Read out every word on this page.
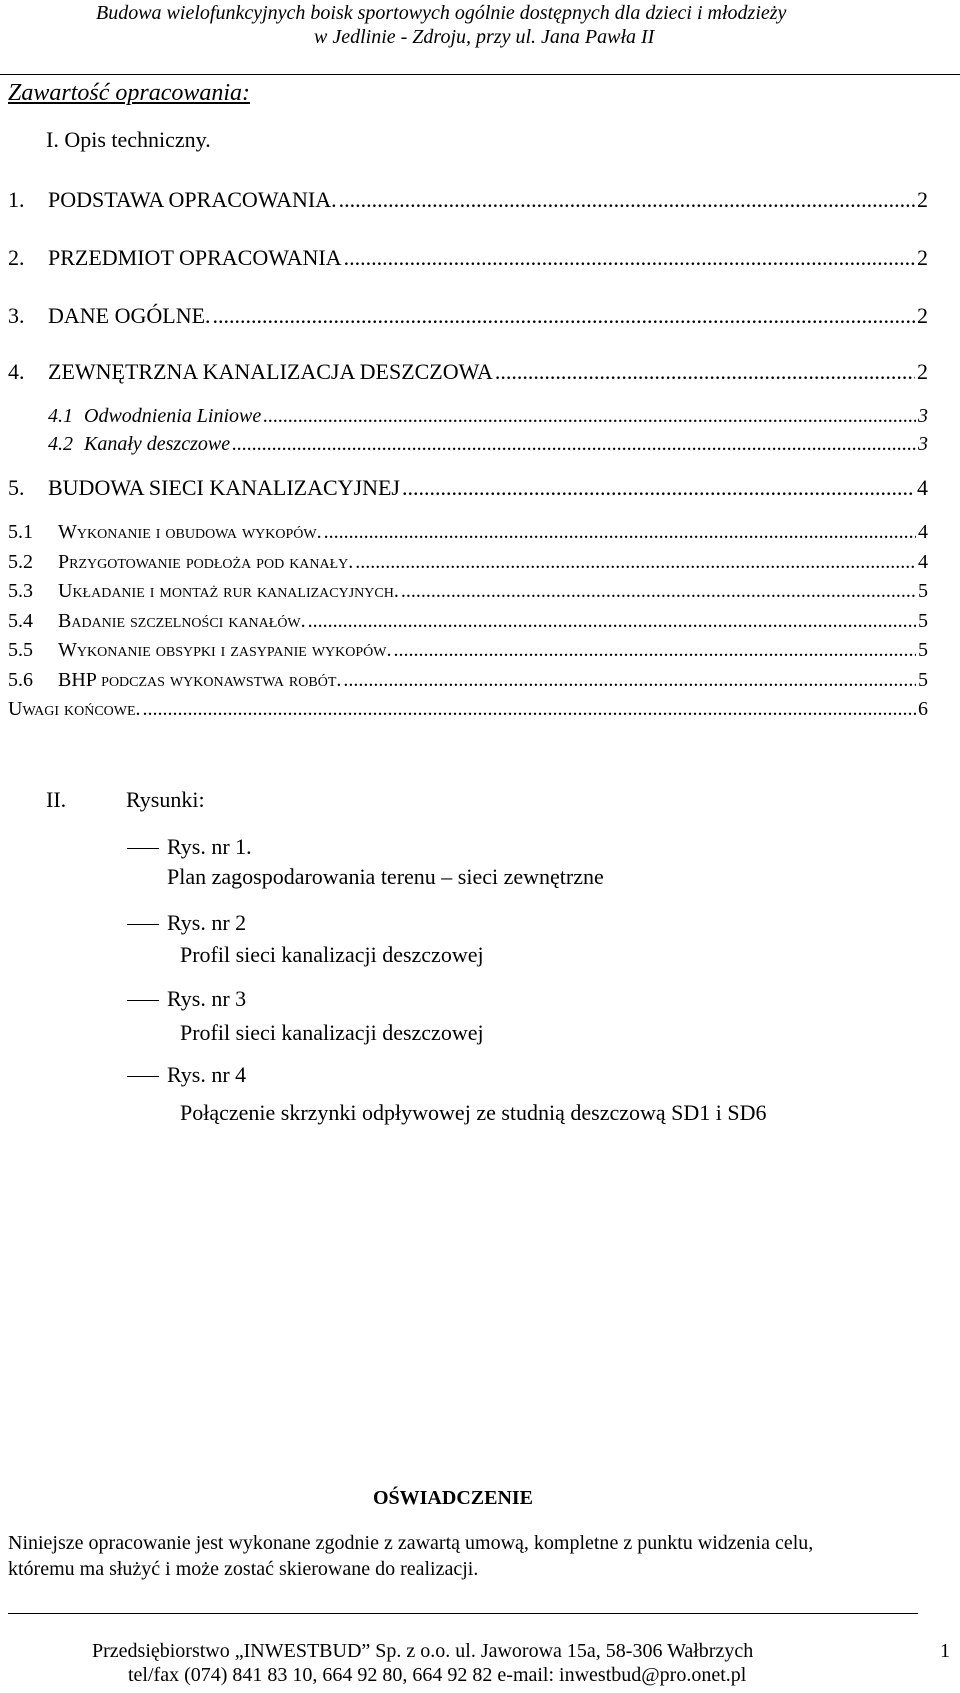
Budowa wielofunkcyjnych boisk sportowych ogólnie dostępnych dla dzieci i młodzieży
w Jedlinie - Zdroju, przy ul. Jana Pawła II
Zawartość opracowania:
I. Opis techniczny.
1.	PODSTAWA OPRACOWANIA. .....	2
2.	PRZEDMIOT OPRACOWANIA .....	2
3.	DANE OGÓLNE. .....	2
4.	ZEWNĘTRZNA KANALIZACJA DESZCZOWA .....	2
4.1 Odwodnienia Liniowe .....	3
4.2 Kanały deszczowe .....	3
5.	BUDOWA SIECI KANALIZACYJNEJ .....	4
5.1	Wykonanie i obudowa wykopów. .....	4
5.2	Przygotowanie podłoża pod kanały. .....	4
5.3	Układanie i montaż rur kanalizacyjnych. .....	5
5.4	Badanie szczelności kanałów. .....	5
5.5	Wykonanie obsypki i zasypanie wykopów. .....	5
5.6	BHP podczas wykonawstwa robót. .....	5
Uwagi końcowe. .....	6
II.	Rysunki:
Rys. nr 1.
Plan zagospodarowania terenu – sieci zewnętrzne
Rys. nr 2
Profil sieci kanalizacji deszczowej
Rys. nr 3
Profil sieci kanalizacji deszczowej
Rys. nr 4
Połączenie skrzynki odpływowej ze studnią deszczową SD1 i SD6
OŚWIADCZENIE
Niniejsze opracowanie jest wykonane zgodnie z zawartą umową, kompletne z punktu widzenia celu,
któremu ma służyć i może zostać skierowane do realizacji.
Przedsiębiorstwo „INWESTBUD” Sp. z o.o. ul. Jaworowa 15a, 58-306 Wałbrzych
tel/fax (074) 841 83 10, 664 92 80, 664 92 82 e-mail: inwestbud@pro.onet.pl
1
